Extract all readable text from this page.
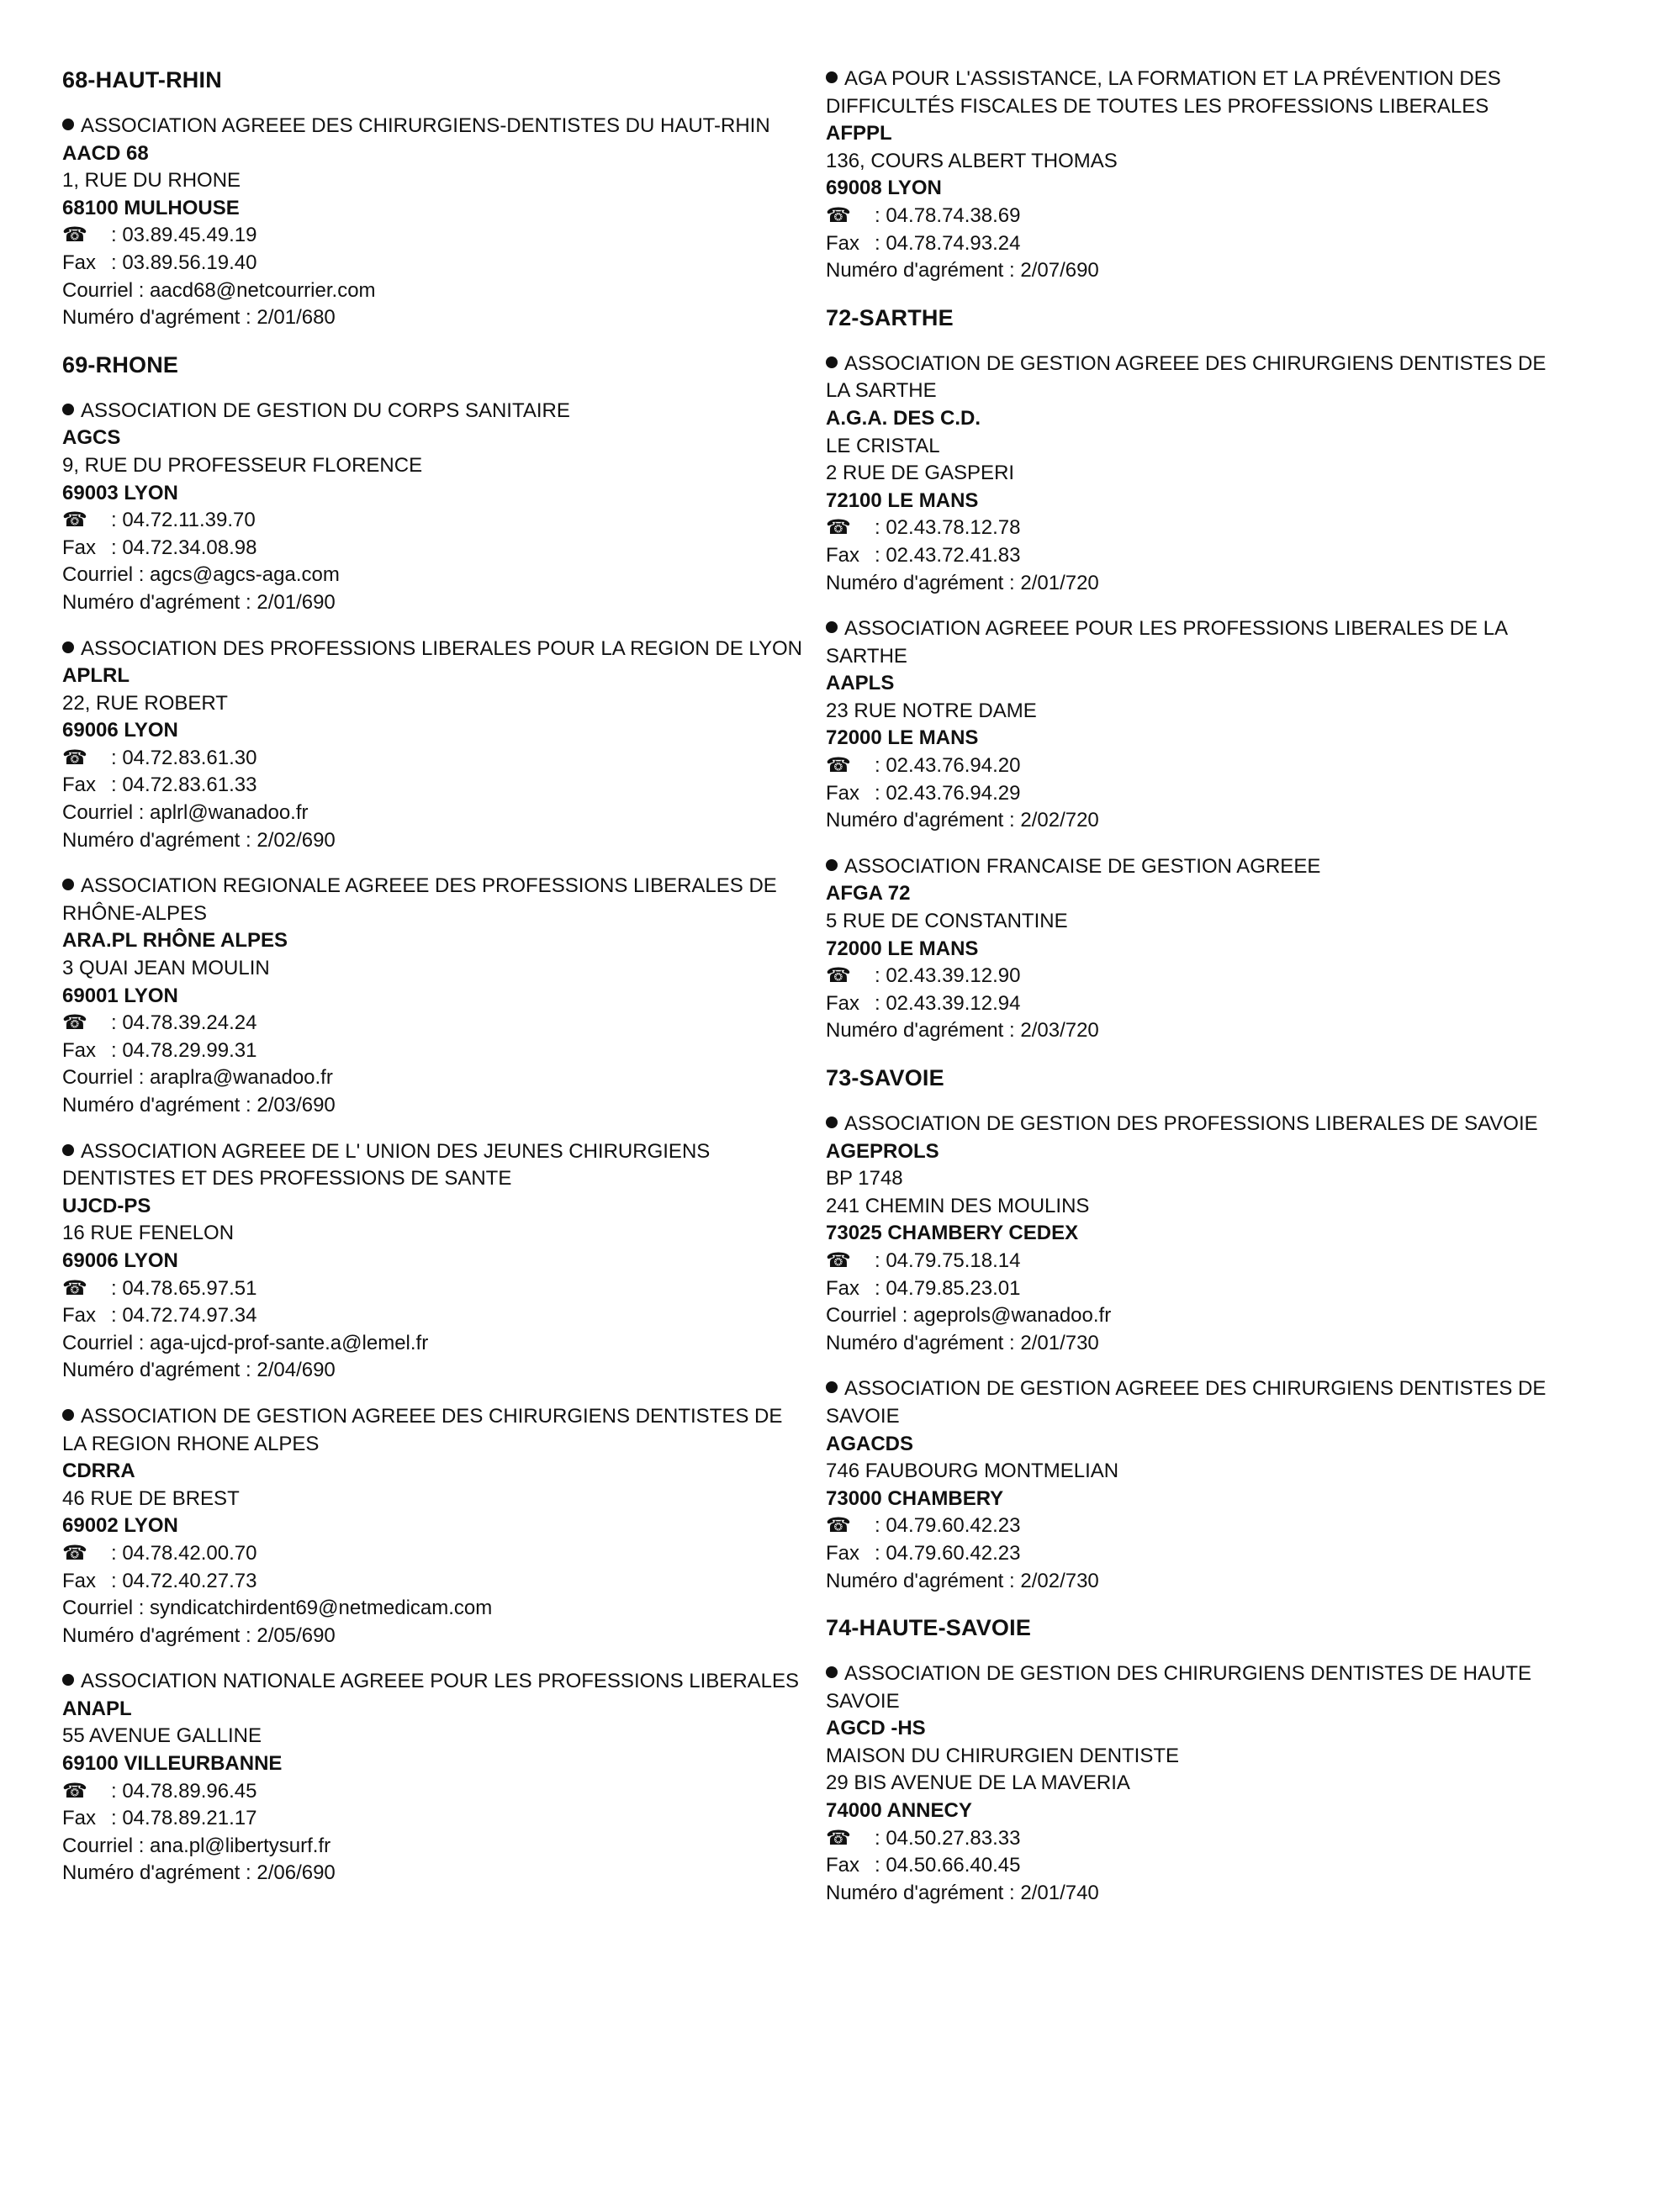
68-HAUT-RHIN
ASSOCIATION AGREEE DES CHIRURGIENS-DENTISTES DU HAUT-RHIN
AACD 68
1, RUE DU RHONE
68100 MULHOUSE
☎ : 03.89.45.49.19
Fax : 03.89.56.19.40
Courriel : aacd68@netcourrier.com
Numéro d'agrément : 2/01/680
69-RHONE
ASSOCIATION DE GESTION DU CORPS SANITAIRE
AGCS
9, RUE DU PROFESSEUR FLORENCE
69003 LYON
☎ : 04.72.11.39.70
Fax : 04.72.34.08.98
Courriel : agcs@agcs-aga.com
Numéro d'agrément : 2/01/690
ASSOCIATION DES PROFESSIONS LIBERALES POUR LA REGION DE LYON
APLRL
22, RUE ROBERT
69006 LYON
☎ : 04.72.83.61.30
Fax : 04.72.83.61.33
Courriel : aplrl@wanadoo.fr
Numéro d'agrément : 2/02/690
ASSOCIATION REGIONALE AGREEE DES PROFESSIONS LIBERALES DE RHÔNE-ALPES
ARA.PL RHÔNE ALPES
3 QUAI JEAN MOULIN
69001 LYON
☎ : 04.78.39.24.24
Fax : 04.78.29.99.31
Courriel : araplra@wanadoo.fr
Numéro d'agrément : 2/03/690
ASSOCIATION AGREEE DE L' UNION DES JEUNES CHIRURGIENS DENTISTES ET DES PROFESSIONS DE SANTE
UJCD-PS
16 RUE FENELON
69006 LYON
☎ : 04.78.65.97.51
Fax : 04.72.74.97.34
Courriel : aga-ujcd-prof-sante.a@lemel.fr
Numéro d'agrément : 2/04/690
ASSOCIATION DE GESTION AGREEE DES CHIRURGIENS DENTISTES DE LA REGION RHONE ALPES
CDRRA
46 RUE DE BREST
69002 LYON
☎ : 04.78.42.00.70
Fax : 04.72.40.27.73
Courriel : syndicatchirdent69@netmedicam.com
Numéro d'agrément : 2/05/690
ASSOCIATION NATIONALE AGREEE POUR LES PROFESSIONS LIBERALES
ANAPL
55 AVENUE GALLINE
69100 VILLEURBANNE
☎ : 04.78.89.96.45
Fax : 04.78.89.21.17
Courriel : ana.pl@libertysurf.fr
Numéro d'agrément : 2/06/690
AGA POUR L'ASSISTANCE, LA FORMATION ET LA PRÉVENTION DES DIFFICULTÉS FISCALES DE TOUTES LES PROFESSIONS LIBERALES
AFPPL
136, COURS ALBERT THOMAS
69008 LYON
☎ : 04.78.74.38.69
Fax : 04.78.74.93.24
Numéro d'agrément : 2/07/690
72-SARTHE
ASSOCIATION DE GESTION AGREEE DES CHIRURGIENS DENTISTES DE LA SARTHE
A.G.A. DES C.D.
LE CRISTAL
2 RUE DE GASPERI
72100 LE MANS
☎ : 02.43.78.12.78
Fax : 02.43.72.41.83
Numéro d'agrément : 2/01/720
ASSOCIATION AGREEE POUR LES PROFESSIONS LIBERALES DE LA SARTHE
AAPLS
23 RUE NOTRE DAME
72000 LE MANS
☎ : 02.43.76.94.20
Fax : 02.43.76.94.29
Numéro d'agrément : 2/02/720
ASSOCIATION FRANCAISE DE GESTION AGREEE
AFGA 72
5 RUE DE CONSTANTINE
72000 LE MANS
☎ : 02.43.39.12.90
Fax : 02.43.39.12.94
Numéro d'agrément : 2/03/720
73-SAVOIE
ASSOCIATION DE GESTION DES PROFESSIONS LIBERALES DE SAVOIE
AGEPROLS
BP 1748
241 CHEMIN DES MOULINS
73025 CHAMBERY CEDEX
☎ : 04.79.75.18.14
Fax : 04.79.85.23.01
Courriel : ageprols@wanadoo.fr
Numéro d'agrément : 2/01/730
ASSOCIATION DE GESTION AGREEE DES CHIRURGIENS DENTISTES DE SAVOIE
AGACDS
746 FAUBOURG MONTMELIAN
73000 CHAMBERY
☎ : 04.79.60.42.23
Fax : 04.79.60.42.23
Numéro d'agrément : 2/02/730
74-HAUTE-SAVOIE
ASSOCIATION DE GESTION DES CHIRURGIENS DENTISTES DE HAUTE SAVOIE
AGCD -HS
MAISON DU CHIRURGIEN DENTISTE
29 BIS AVENUE DE LA MAVERIA
74000 ANNECY
☎ : 04.50.27.83.33
Fax : 04.50.66.40.45
Numéro d'agrément : 2/01/740
